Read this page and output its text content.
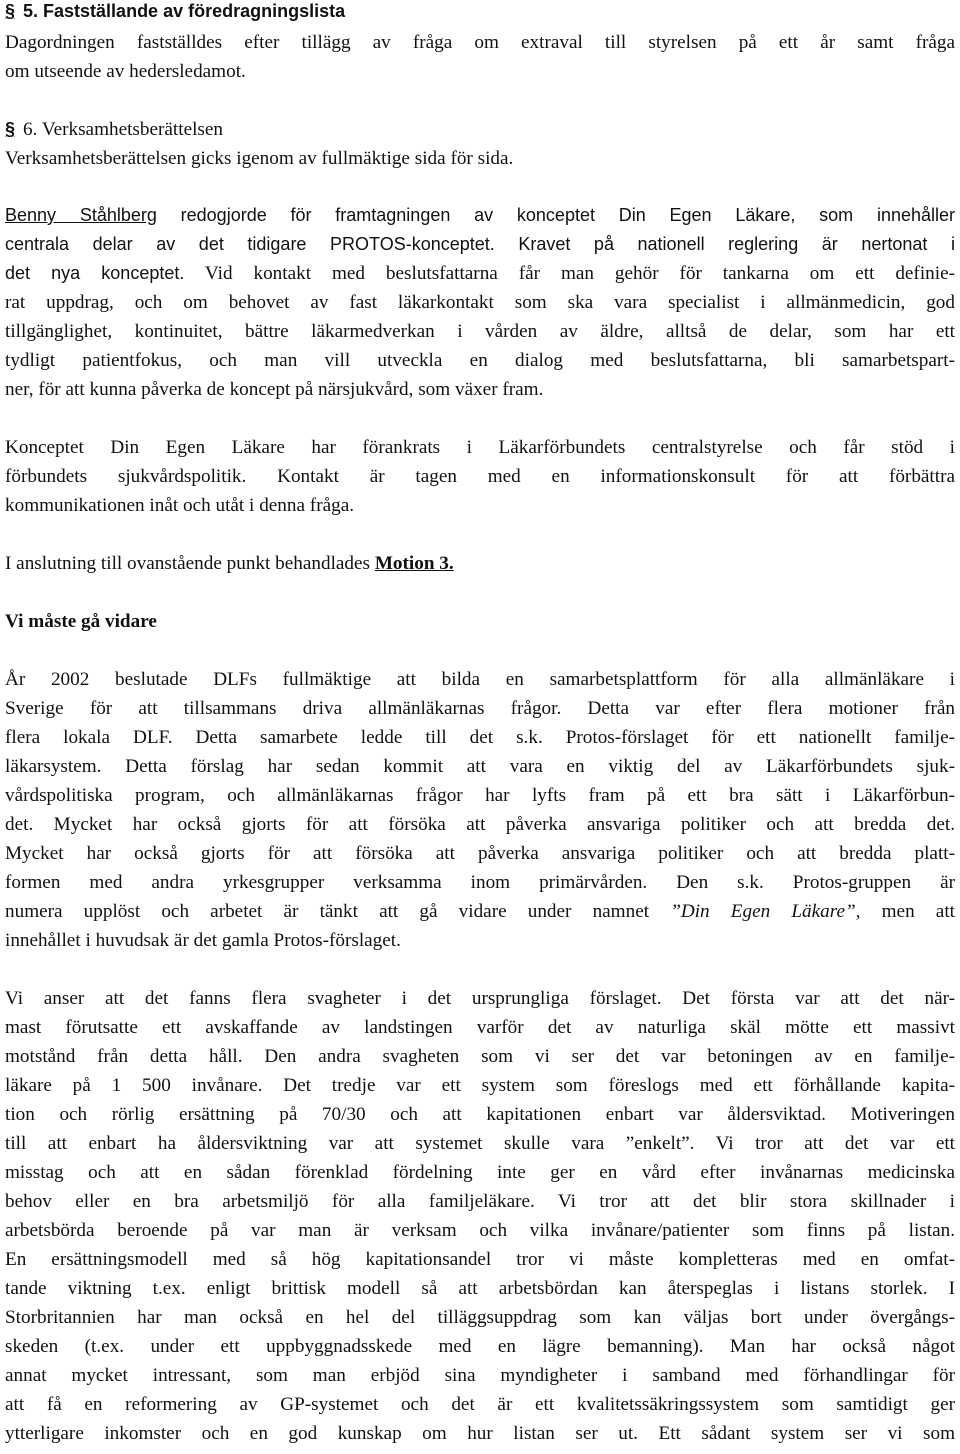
§ 5. Fastställande av föredragningslista
Dagordningen fastställdes efter tillägg av fråga om extraval till styrelsen på ett år samt fråga
om utseende av hedersledamot.
§ 6. Verksamhetsberättelsen
Verksamhetsberättelsen gicks igenom av fullmäktige sida för sida.
Benny Ståhlberg redogjorde för framtagningen av konceptet Din Egen Läkare, som innehåller
centrala delar av det tidigare PROTOS-konceptet. Kravet på nationell reglering är nertonat i
det nya konceptet. Vid kontakt med beslutsfattarna får man gehör för tankarna om ett definie-
rat uppdrag, och om behovet av fast läkarkontakt som ska vara specialist i allmänmedicin, god
tillgänglighet, kontinuitet, bättre läkarmedverkan i vården av äldre, alltså de delar, som har ett
tydligt patientfokus, och man vill utveckla en dialog med beslutsfattarna, bli samarbetspart-
ner, för att kunna påverka de koncept på närsjukvård, som växer fram.
Konceptet Din Egen Läkare har förankrats i Läkarförbundets centralstyrelse och får stöd i
förbundets sjukvårdspolitik. Kontakt är tagen med en informationskonsult för att förbättra
kommunikationen inåt och utåt i denna fråga.
I anslutning till ovanstående punkt behandlades Motion 3.
Vi måste gå vidare
År 2002 beslutade DLFs fullmäktige att bilda en samarbetsplattform för alla allmänläkare i
Sverige för att tillsammans driva allmänläkarnas frågor. Detta var efter flera motioner från
flera lokala DLF. Detta samarbete ledde till det s.k. Protos-förslaget för ett nationellt familje-
läkarsystem. Detta förslag har sedan kommit att vara en viktig del av Läkarförbundets sjuk-
vårdspolitiska program, och allmänläkarnas frågor har lyfts fram på ett bra sätt i Läkarförbun-
det. Mycket har också gjorts för att försöka att påverka ansvariga politiker och att bredda det.
Mycket har också gjorts för att försöka att påverka ansvariga politiker och att bredda platt-
formen med andra yrkesgrupper verksamma inom primärvården. Den s.k. Protos-gruppen är
numera upplöst och arbetet är tänkt att gå vidare under namnet ”Din Egen Läkare”, men att
innehållet i huvudsak är det gamla Protos-förslaget.
Vi anser att det fanns flera svagheter i det ursprungliga förslaget. Det första var att det när-
mast förutsatte ett avskaffande av landstingen varför det av naturliga skäl mötte ett massivt
motstånd från detta håll. Den andra svagheten som vi ser det var betoningen av en familje-
läkare på 1 500 invånare. Det tredje var ett system som föreslogs med ett förhållande kapita-
tion och rörlig ersättning på 70/30 och att kapitationen enbart var åldersviktad. Motiveringen
till att enbart ha åldersviktning var att systemet skulle vara ”enkelt”. Vi tror att det var ett
misstag och att en sådan förenklad fördelning inte ger en vård efter invånarnas medicinska
behov eller en bra arbetsmiljö för alla familjeläkare. Vi tror att det blir stora skillnader i
arbetsbörda beroende på var man är verksam och vilka invånare/patienter som finns på listan.
En ersättningsmodell med så hög kapitationsandel tror vi måste kompletteras med en omfat-
tande viktning t.ex. enligt brittisk modell så att arbetsbördan kan återspeglas i listans storlek. I
Storbritannien har man också en hel del tilläggsuppdrag som kan väljas bort under övergångs-
skeden (t.ex. under ett uppbyggnadsskede med en lägre bemanning). Man har också något
annat mycket intressant, som man erbjöd sina myndigheter i samband med förhandlingar för
att få en reformering av GP-systemet och det är ett kvalitetssäkringssystem som samtidigt ger
ytterligare inkomster och en god kunskap om hur listan ser ut. Ett sådant system ser vi som
